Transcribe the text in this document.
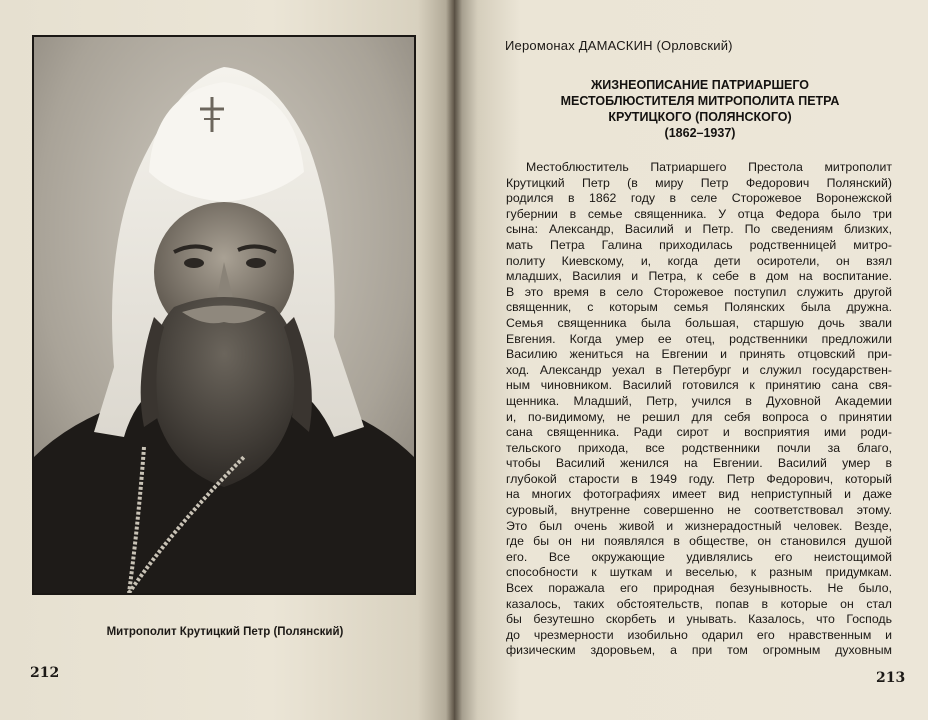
Митрополит Крутицкий Петр (Полянский)
212
Иеромонах ДАМАСКИН (Орловский)
ЖИЗНЕОПИСАНИЕ ПАТРИАРШЕГО
МЕСТОБЛЮСТИТЕЛЯ МИТРОПОЛИТА ПЕТРА
КРУТИЦКОГО (ПОЛЯНСКОГО)
(1862–1937)
Местоблюститель Патриаршего Престола митрополит
Крутицкий Петр (в миру Петр Федорович Полянский)
родился в 1862 году в селе Сторожевое Воронежской
губернии в семье священника. У отца Федора было три
сына: Александр, Василий и Петр. По сведениям близких,
мать Петра Галина приходилась родственницей митро-
политу Киевскому, и, когда дети осиротели, он взял
младших, Василия и Петра, к себе в дом на воспитание.
В это время в село Сторожевое поступил служить другой
священник, с которым семья Полянских была дружна.
Семья священника была большая, старшую дочь звали
Евгения. Когда умер ее отец, родственники предложили
Василию жениться на Евгении и принять отцовский при-
ход. Александр уехал в Петербург и служил государствен-
ным чиновником. Василий готовился к принятию сана свя-
щенника. Младший, Петр, учился в Духовной Академии
и, по-видимому, не решил для себя вопроса о принятии
сана священника. Ради сирот и восприятия ими роди-
тельского прихода, все родственники почли за благо,
чтобы Василий женился на Евгении. Василий умер в
глубокой старости в 1949 году. Петр Федорович, который
на многих фотографиях имеет вид неприступный и даже
суровый, внутренне совершенно не соответствовал этому.
Это был очень живой и жизнерадостный человек. Везде,
где бы он ни появлялся в обществе, он становился душой
его. Все окружающие удивлялись его неистощимой
способности к шуткам и веселью, к разным придумкам.
Всех поражала его природная безунывность. Не было,
казалось, таких обстоятельств, попав в которые он стал
бы безутешно скорбеть и унывать. Казалось, что Господь
до чрезмерности изобильно одарил его нравственным и
физическим здоровьем, а при том огромным духовным
213
